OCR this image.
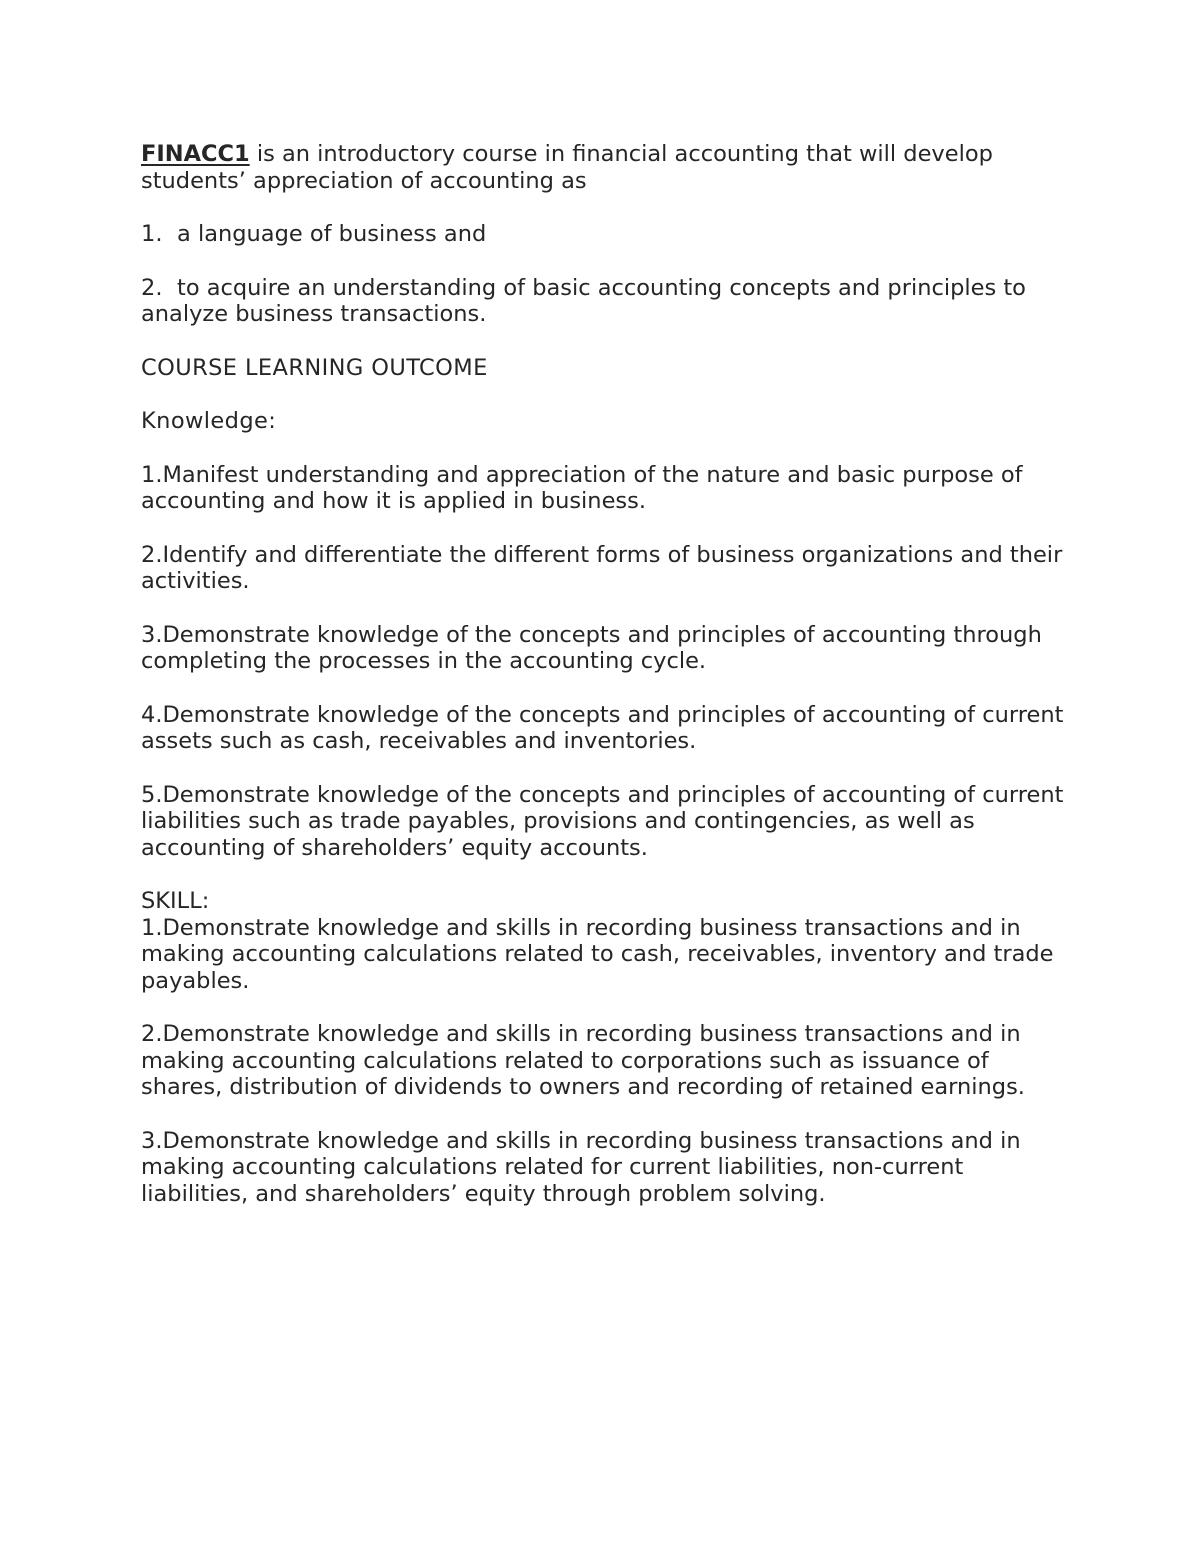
FINACC1 is an introductory course in financial accounting that will develop students’ appreciation of accounting as

1. a language of business and

2. to acquire an understanding of basic accounting concepts and principles to analyze business transactions.

COURSE LEARNING OUTCOME

Knowledge:

1.Manifest understanding and appreciation of the nature and basic purpose of accounting and how it is applied in business.

2.Identify and differentiate the different forms of business organizations and their activities.

3.Demonstrate knowledge of the concepts and principles of accounting through completing the processes in the accounting cycle.

4.Demonstrate knowledge of the concepts and principles of accounting of current assets such as cash, receivables and inventories.

5.Demonstrate knowledge of the concepts and principles of accounting of current liabilities such as trade payables, provisions and contingencies, as well as accounting of shareholders’ equity accounts.

SKILL:

1.Demonstrate knowledge and skills in recording business transactions and in making accounting calculations related to cash, receivables, inventory and trade payables.

2.Demonstrate knowledge and skills in recording business transactions and in making accounting calculations related to corporations such as issuance of shares, distribution of dividends to owners and recording of retained earnings.

3.Demonstrate knowledge and skills in recording business transactions and in making accounting calculations related for current liabilities, non-current liabilities, and shareholders’ equity through problem solving.
